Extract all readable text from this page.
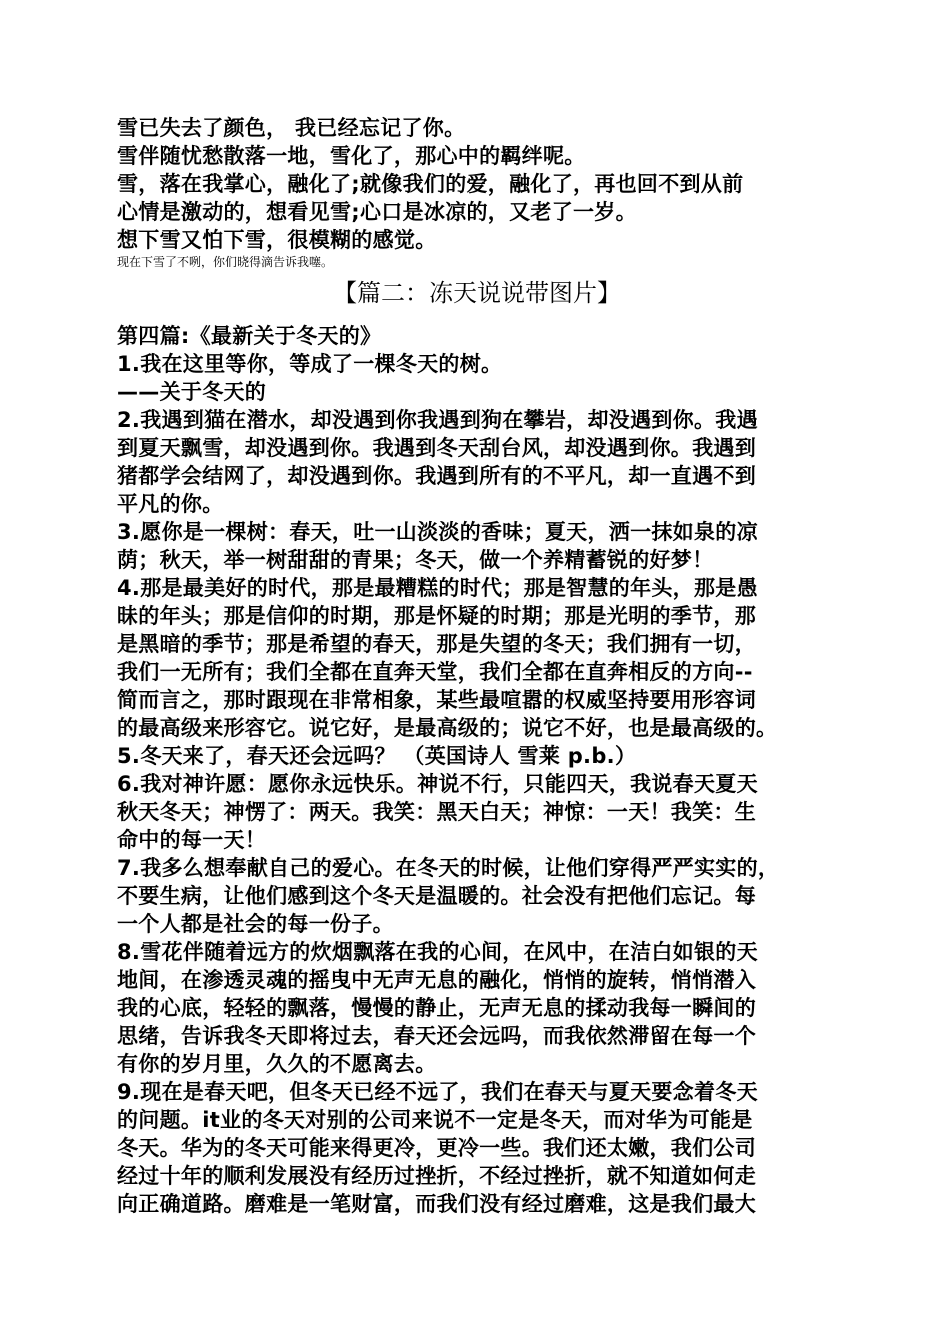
雪已失去了颜色， 我已经忘记了你。
雪伴随忧愁散落一地，雪化了，那心中的羁绊呢。
雪，落在我掌心，融化了;就像我们的爱，融化了，再也回不到从前
心情是激动的，想看见雪;心口是冰凉的，又老了一岁。
想下雪又怕下雪，很模糊的感觉。
现在下雪了不咧，你们晓得滴告诉我噻。
【篇二：冻天说说带图片】
第四篇:《最新关于冬天的》
1.我在这里等你，等成了一棵冬天的树。
——关于冬天的
2.我遇到猫在潜水，却没遇到你我遇到狗在攀岩，却没遇到你。我遇
到夏天飘雪，却没遇到你。我遇到冬天刮台风，却没遇到你。我遇到
猪都学会结网了，却没遇到你。我遇到所有的不平凡，却一直遇不到
平凡的你。
3.愿你是一棵树：春天，吐一山淡淡的香味；夏天，洒一抹如泉的凉
荫；秋天，举一树甜甜的青果；冬天，做一个养精蓄锐的好梦！
4.那是最美好的时代，那是最糟糕的时代；那是智慧的年头，那是愚
昧的年头；那是信仰的时期，那是怀疑的时期；那是光明的季节，那
是黑暗的季节；那是希望的春天，那是失望的冬天；我们拥有一切，
我们一无所有；我们全都在直奔天堂，我们全都在直奔相反的方向--
简而言之，那时跟现在非常相象，某些最喧嚣的权威坚持要用形容词
的最高级来形容它。说它好，是最高级的；说它不好，也是最高级的。
5.冬天来了，春天还会远吗？ （英国诗人 雪莱 p.b.）
6.我对神许愿：愿你永远快乐。神说不行，只能四天，我说春天夏天
秋天冬天；神愣了：两天。我笑：黑天白天；神惊：一天！我笑：生
命中的每一天！
7.我多么想奉献自己的爱心。在冬天的时候，让他们穿得严严实实的，
不要生病，让他们感到这个冬天是温暖的。社会没有把他们忘记。每
一个人都是社会的每一份子。
8.雪花伴随着远方的炊烟飘落在我的心间，在风中，在洁白如银的天
地间，在渗透灵魂的摇曳中无声无息的融化，悄悄的旋转，悄悄潜入
我的心底，轻轻的飘落，慢慢的静止，无声无息的揉动我每一瞬间的
思绪，告诉我冬天即将过去，春天还会远吗，而我依然滞留在每一个
有你的岁月里，久久的不愿离去。
9.现在是春天吧，但冬天已经不远了，我们在春天与夏天要念着冬天
的问题。it业的冬天对别的公司来说不一定是冬天，而对华为可能是
冬天。华为的冬天可能来得更冷，更冷一些。我们还太嫩，我们公司
经过十年的顺利发展没有经历过挫折，不经过挫折，就不知道如何走
向正确道路。磨难是一笔财富，而我们没有经过磨难，这是我们最大
